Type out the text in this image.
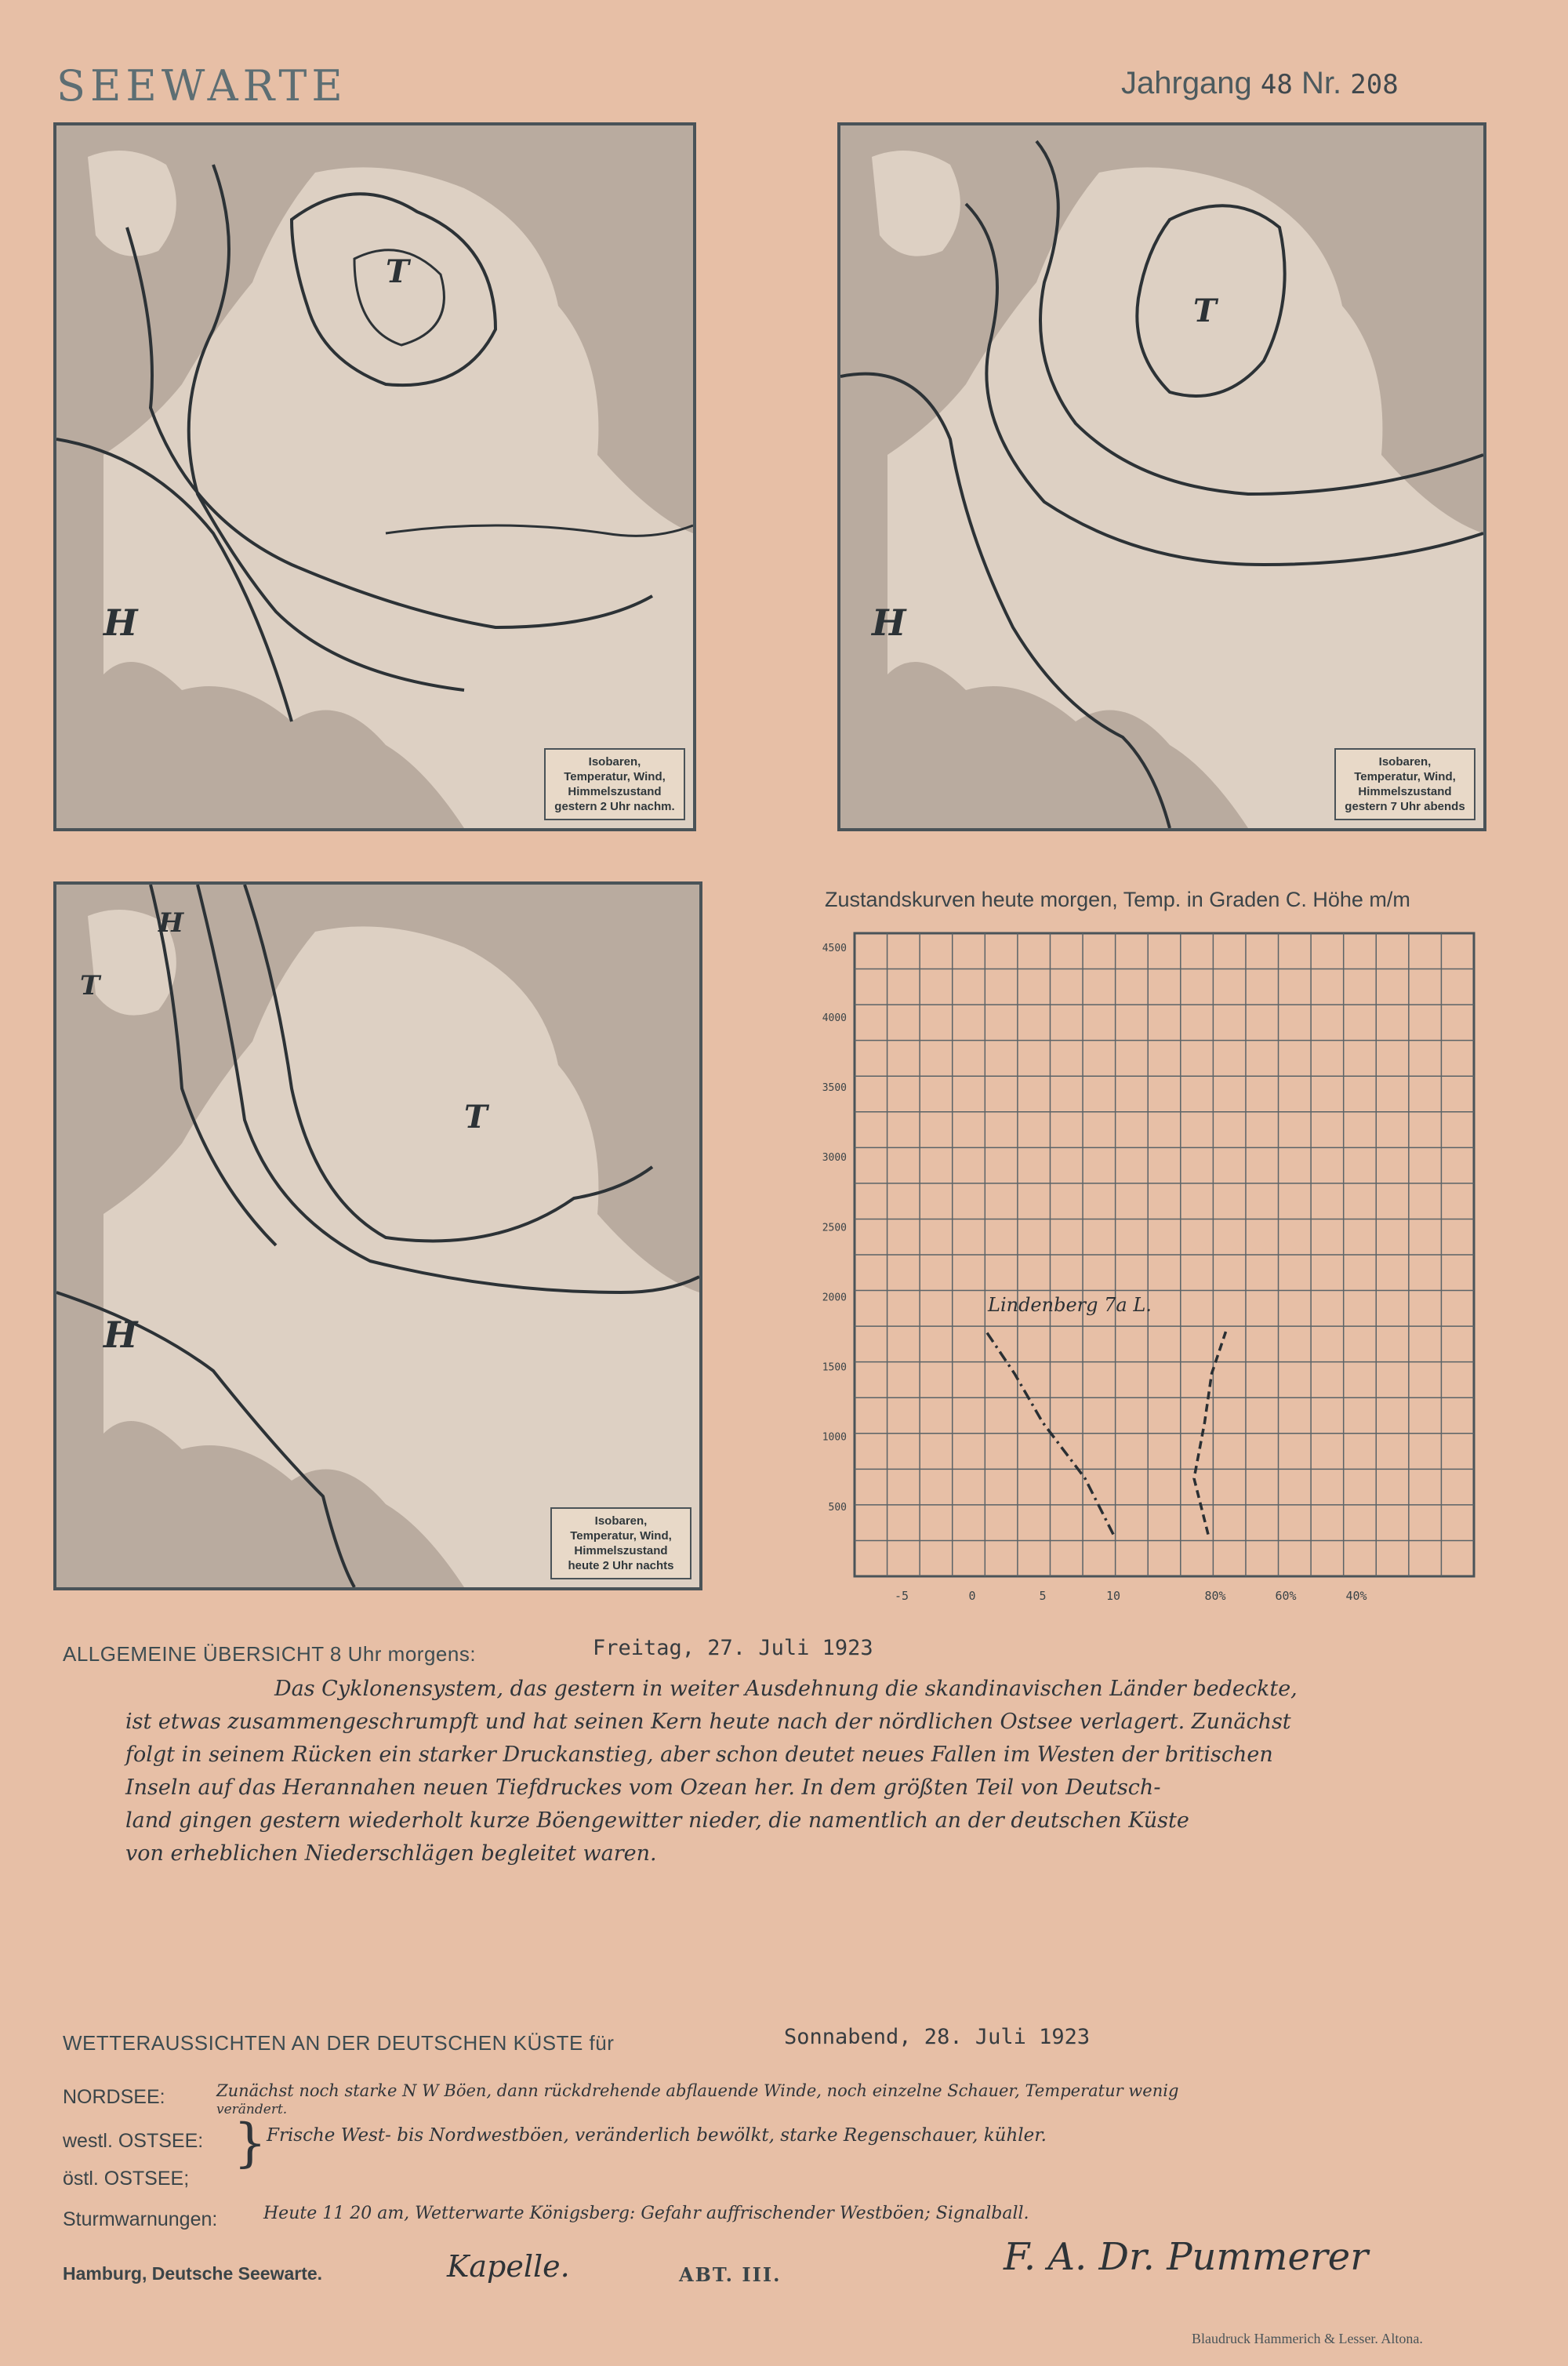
SEEWARTE	Jahrgang 48 Nr. 208
H
T
Isobaren,
Temperatur, Wind,
Himmelszustand
gestern 2 Uhr nachm.
H
T
Isobaren,
Temperatur, Wind,
Himmelszustand
gestern 7 Uhr abends
H
T
T
H
Isobaren,
Temperatur, Wind,
Himmelszustand
heute 2 Uhr nachts
Zustandskurven heute morgen, Temp. in Graden C. Höhe m/m
500
1000
1500
2000
2500
3000
3500
4000
4500
-5	0	5	10	80%	60%	40%
Lindenberg 7a L.
ALLGEMEINE ÜBERSICHT 8 Uhr morgens:	Freitag, 27. Juli 1923
Das Cyklonensystem, das gestern in weiter Ausdehnung die skandinavischen Länder bedeckte,
ist etwas zusammengeschrumpft und hat seinen Kern heute nach der nördlichen Ostsee verlagert. Zunächst
folgt in seinem Rücken ein starker Druckanstieg, aber schon deutet neues Fallen im Westen der britischen
Inseln auf das Herannahen neuen Tiefdruckes vom Ozean her. In dem größten Teil von Deutsch-
land gingen gestern wiederholt kurze Böengewitter nieder, die namentlich an der deutschen Küste
von erheblichen Niederschlägen begleitet waren.
WETTERAUSSICHTEN AN DER DEUTSCHEN KÜSTE für	Sonnabend, 28. Juli 1923
NORDSEE:	Zunächst noch starke N W Böen, dann rückdrehende abflauende Winde, noch einzelne Schauer, Temperatur wenig
verändert.
westl. OSTSEE: } Frische West- bis Nordwestböen, veränderlich bewölkt, starke Regenschauer, kühler.
östl. OSTSEE;
Sturmwarnungen:	Heute 11 20 am, Wetterwarte Königsberg: Gefahr auffrischender Westböen; Signalball.
Hamburg, Deutsche Seewarte.	Kapelle.	ABT. III.	F. A. Dr. Pummerer
Blaudruck Hammerich & Lesser. Altona.
